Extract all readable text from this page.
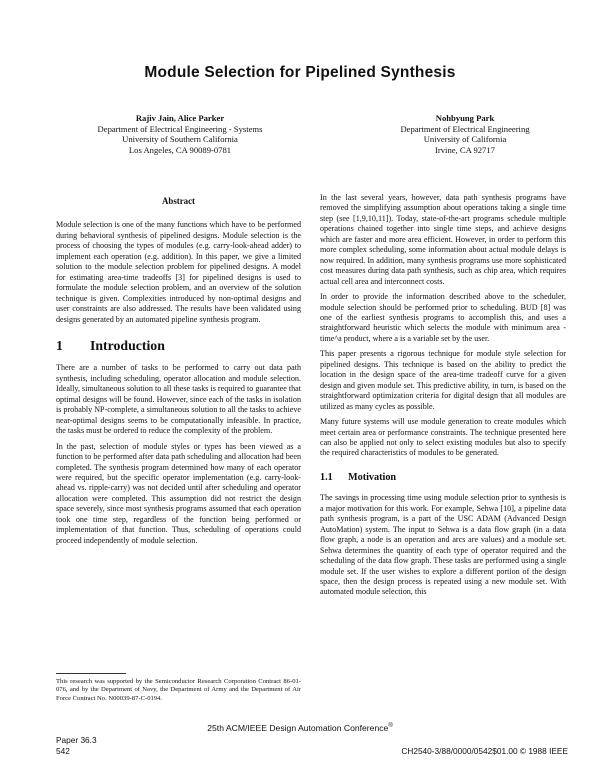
Module Selection for Pipelined Synthesis
Rajiv Jain, Alice Parker
Department of Electrical Engineering - Systems
University of Southern California
Los Angeles, CA 90089-0781
Nohbyung Park
Department of Electrical Engineering
University of California
Irvine, CA 92717
Abstract

Module selection is one of the many functions which have to be performed during behavioral synthesis of pipelined designs. Module selection is the process of choosing the types of modules (e.g. carry-look-ahead adder) to implement each operation (e.g. addition). In this paper, we give a limited solution to the module selection problem for pipelined designs. A model for estimating area-time tradeoffs [3] for pipelined designs is used to formulate the module selection problem, and an overview of the solution technique is given. Complexities introduced by non-optimal designs and user constraints are also addressed. The results have been validated using designs generated by an automated pipeline synthesis program.

1 Introduction

There are a number of tasks to be performed to carry out data path synthesis, including scheduling, operator allocation and module selection. Ideally, simultaneous solution to all these tasks is required to guarantee that optimal designs will be found. However, since each of the tasks in isolation is probably NP-complete, a simultaneous solution to all the tasks to achieve near-optimal designs seems to be computationally infeasible. In practice, the tasks must be ordered to reduce the complexity of the problem.

In the past, selection of module styles or types has been viewed as a function to be performed after data path scheduling and allocation had been completed. The synthesis program determined how many of each operator were required, but the specific operator implementation (e.g. carry-look-ahead vs. ripple-carry) was not decided until after scheduling and operator allocation were completed. This assumption did not restrict the design space severely, since most synthesis programs assumed that each operation took one time step, regardless of the function being performed or implementation of that function. Thus, scheduling of operations could proceed independently of module selection.

This research was supported by the Semiconductor Research Corporation Contract 86-01-076, and by the Department of Navy, the Department of Army and the Department of Air Force Contract No. N00039-87-C-0194.

In the last several years, however, data path synthesis programs have removed the simplifying assumption about operations taking a single time step (see [1,9,10,11]). Today, state-of-the-art programs schedule multiple operations chained together into single time steps, and achieve designs which are faster and more area efficient. However, in order to perform this more complex scheduling, some information about actual module delays is now required. In addition, many synthesis programs use more sophisticated cost measures during data path synthesis, such as chip area, which requires actual cell area and interconnect costs.

In order to provide the information described above to the scheduler, module selection should be performed prior to scheduling. BUD [8] was one of the earliest synthesis programs to accomplish this, and uses a straightforward heuristic which selects the module with minimum area - time^a product, where a is a variable set by the user.

This paper presents a rigorous technique for module style selection for pipelined designs. This technique is based on the ability to predict the location in the design space of the area-time tradeoff curve for a given design and given module set. This predictive ability, in turn, is based on the straightforward optimization criteria for digital design that all modules are utilized as many cycles as possible.

Many future systems will use module generation to create modules which meet certain area or performance constraints. The technique presented here can also be applied not only to select existing modules but also to specify the required characteristics of modules to be generated.

1.1 Motivation

The savings in processing time using module selection prior to synthesis is a major motivation for this work. For example, Sehwa [10], a pipeline data path synthesis program, is a part of the USC ADAM (Advanced Design AutoMation) system. The input to Sehwa is a data flow graph (in a data flow graph, a node is an operation and arcs are values) and a module set. Sehwa determines the quantity of each type of operator required and the scheduling of the data flow graph. These tasks are performed using a single module set. If the user wishes to explore a different portion of the design space, then the design process is repeated using a new module set. With automated module selection, this

25th ACM/IEEE Design Automation Conference®
Paper 36.3
542	CH2540-3/88/0000/0542$01.00 © 1988 IEEE
